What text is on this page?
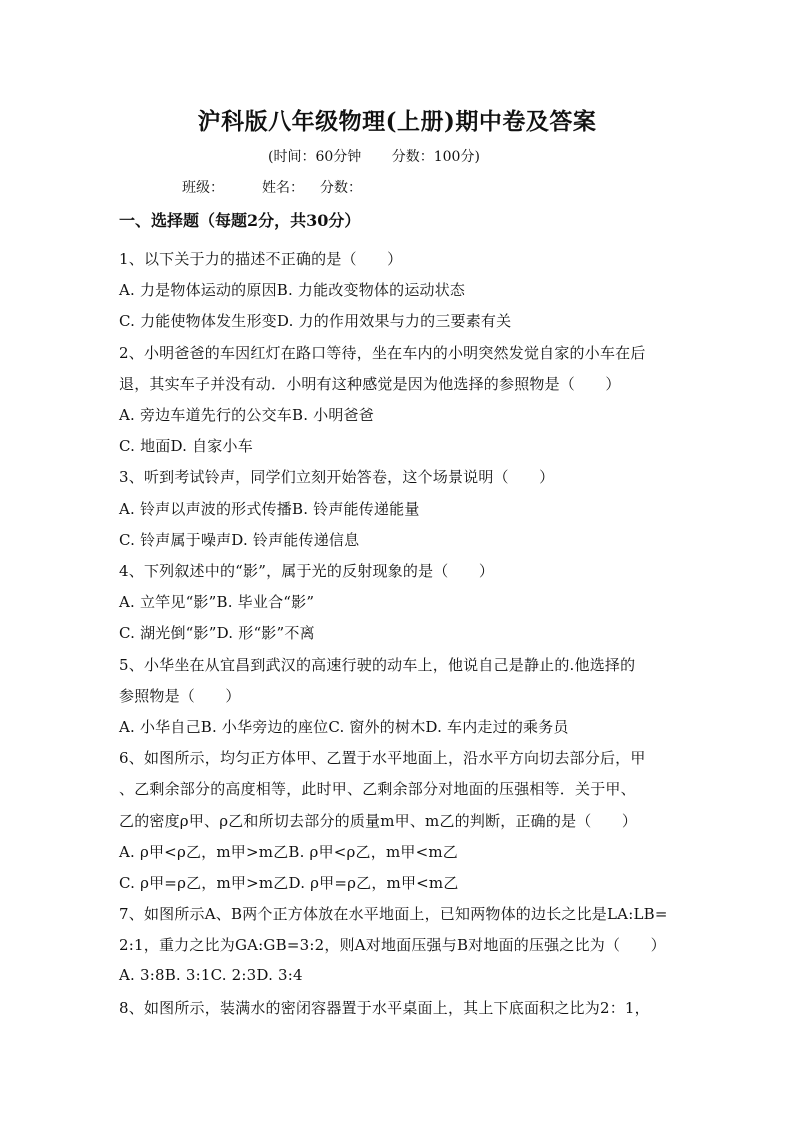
沪科版八年级物理(上册)期中卷及答案
(时间：60分钟 分数：100分)
班级：	姓名： 分数：
一、选择题（每题2分，共30分）
1、以下关于力的描述不正确的是（　　）
A. 力是物体运动的原因B. 力能改变物体的运动状态
C. 力能使物体发生形变D. 力的作用效果与力的三要素有关
2、小明爸爸的车因红灯在路口等待，坐在车内的小明突然发觉自家的小车在后
退，其实车子并没有动．小明有这种感觉是因为他选择的参照物是（　　）
A. 旁边车道先行的公交车B. 小明爸爸
C. 地面D. 自家小车
3、听到考试铃声，同学们立刻开始答卷，这个场景说明（　　）
A. 铃声以声波的形式传播B. 铃声能传递能量
C. 铃声属于噪声D. 铃声能传递信息
4、下列叙述中的“影”，属于光的反射现象的是（　　）
A. 立竿见“影”B. 毕业合“影”
C. 湖光倒“影”D. 形“影”不离
5、小华坐在从宜昌到武汉的高速行驶的动车上，他说自己是静止的.他选择的
参照物是（　　）
A. 小华自己B. 小华旁边的座位C. 窗外的树木D. 车内走过的乘务员
6、如图所示，均匀正方体甲、乙置于水平地面上，沿水平方向切去部分后，甲
、乙剩余部分的高度相等，此时甲、乙剩余部分对地面的压强相等．关于甲、
乙的密度ρ甲、ρ乙和所切去部分的质量m甲、m乙的判断，正确的是（　　）
A. ρ甲<ρ乙，m甲>m乙B. ρ甲<ρ乙，m甲<m乙
C. ρ甲=ρ乙，m甲>m乙D. ρ甲=ρ乙，m甲<m乙
7、如图所示A、B两个正方体放在水平地面上，已知两物体的边长之比是LA:LB=
2:1，重力之比为GA:GB=3:2，则A对地面压强与B对地面的压强之比为（　　）
A. 3:8B. 3:1C. 2:3D. 3:4
8、如图所示，装满水的密闭容器置于水平桌面上，其上下底面积之比为2：1，
